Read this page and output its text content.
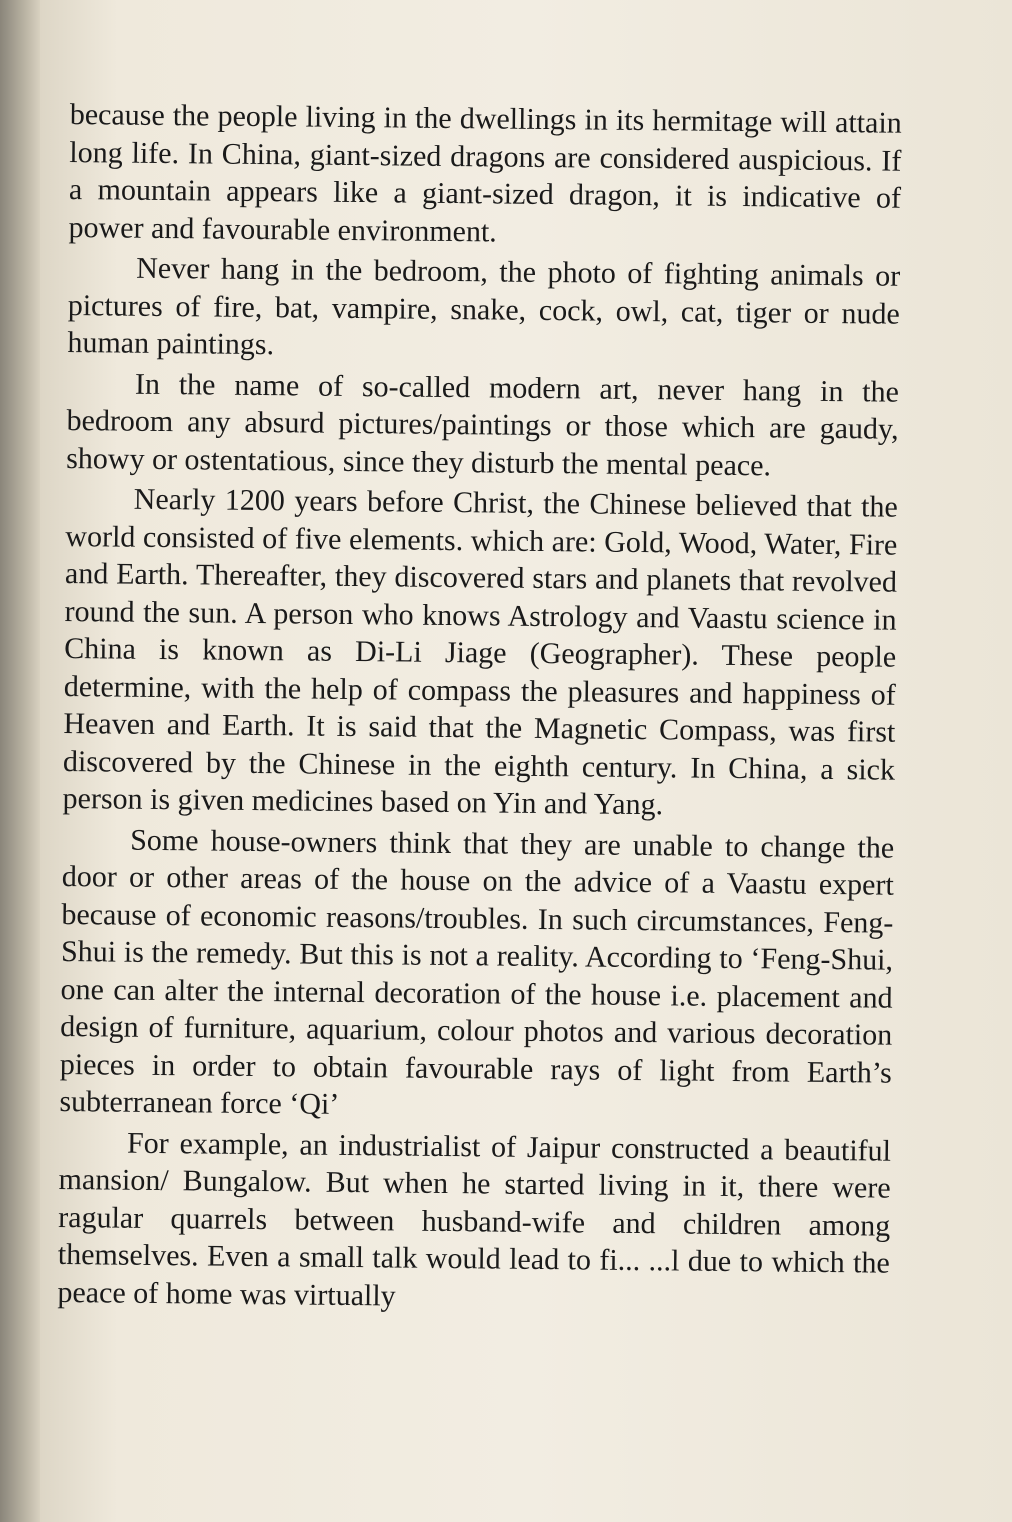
because the people living in the dwellings in its hermitage will attain long life. In China, giant-sized dragons are considered auspicious. If a mountain appears like a giant-sized dragon, it is indicative of power and favourable environment.

Never hang in the bedroom, the photo of fighting animals or pictures of fire, bat, vampire, snake, cock, owl, cat, tiger or nude human paintings.

In the name of so-called modern art, never hang in the bedroom any absurd pictures/paintings or those which are gaudy, showy or ostentatious, since they disturb the mental peace.

Nearly 1200 years before Christ, the Chinese believed that the world consisted of five elements. which are: Gold, Wood, Water, Fire and Earth. Thereafter, they discovered stars and planets that revolved round the sun. A person who knows Astrology and Vaastu science in China is known as Di-Li Jiage (Geographer). These people determine, with the help of compass the pleasures and happiness of Heaven and Earth. It is said that the Magnetic Compass, was first discovered by the Chinese in the eighth century. In China, a sick person is given medicines based on Yin and Yang.

Some house-owners think that they are unable to change the door or other areas of the house on the advice of a Vaastu expert because of economic reasons/troubles. In such circumstances, Feng-Shui is the remedy. But this is not a reality. According to ‘Feng-Shui, one can alter the internal decoration of the house i.e. placement and design of furniture, aquarium, colour photos and various decoration pieces in order to obtain favourable rays of light from Earth’s subterranean force ‘Qi’

For example, an industrialist of Jaipur constructed a beautiful mansion/ Bungalow. But when he started living in it, there were ragular quarrels between husband-wife and children among themselves. Even a small talk would lead to fi... ...l due to which the peace of home was virtually
